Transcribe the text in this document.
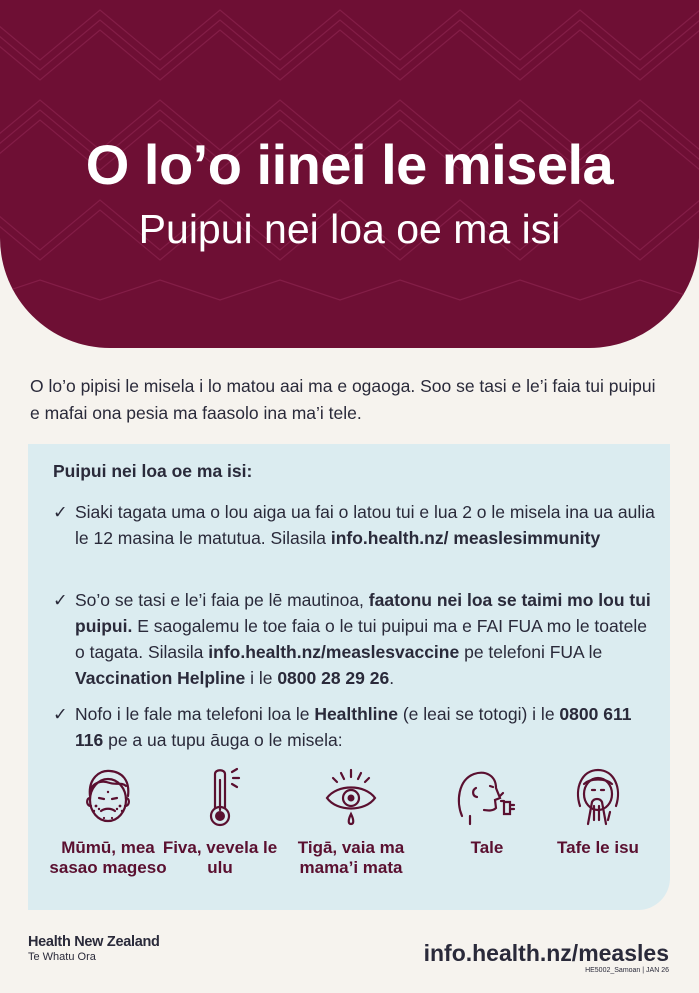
O lo’o iinei le misela
Puipui nei loa oe ma isi
O lo’o pipisi le misela i lo matou aai ma e ogaoga. Soo se tasi e le’i faia tui puipui e mafai ona pesia ma faasolo ina ma’i tele.
Puipui nei loa oe ma isi:
✓ Siaki tagata uma o lou aiga ua fai o latou tui e lua 2 o le misela ina ua aulia le 12 masina le matutua. Silasila info.health.nz/ measlesimmunity
✓ So’o se tasi e le’i faia pe lē mautinoa, faatonu nei loa se taimi mo lou tui puipui. E saogalemu le toe faia o le tui puipui ma e FAI FUA mo le toatele o tagata. Silasila info.health.nz/measlesvaccine pe telefoni FUA le Vaccination Helpline i le 0800 28 29 26.
✓ Nofo i le fale ma telefoni loa le Healthline (e leai se totogi) i le 0800 611 116 pe a ua tupu āuga o le misela:
Mūmū, mea sasao mageso
Fiva, vevela le ulu
Tigā, vaia ma mama’i mata
Tale	Tafe le isu
Health New Zealand
Te Whatu Ora	info.health.nz/measles
HE5002_Samoan | JAN 26
